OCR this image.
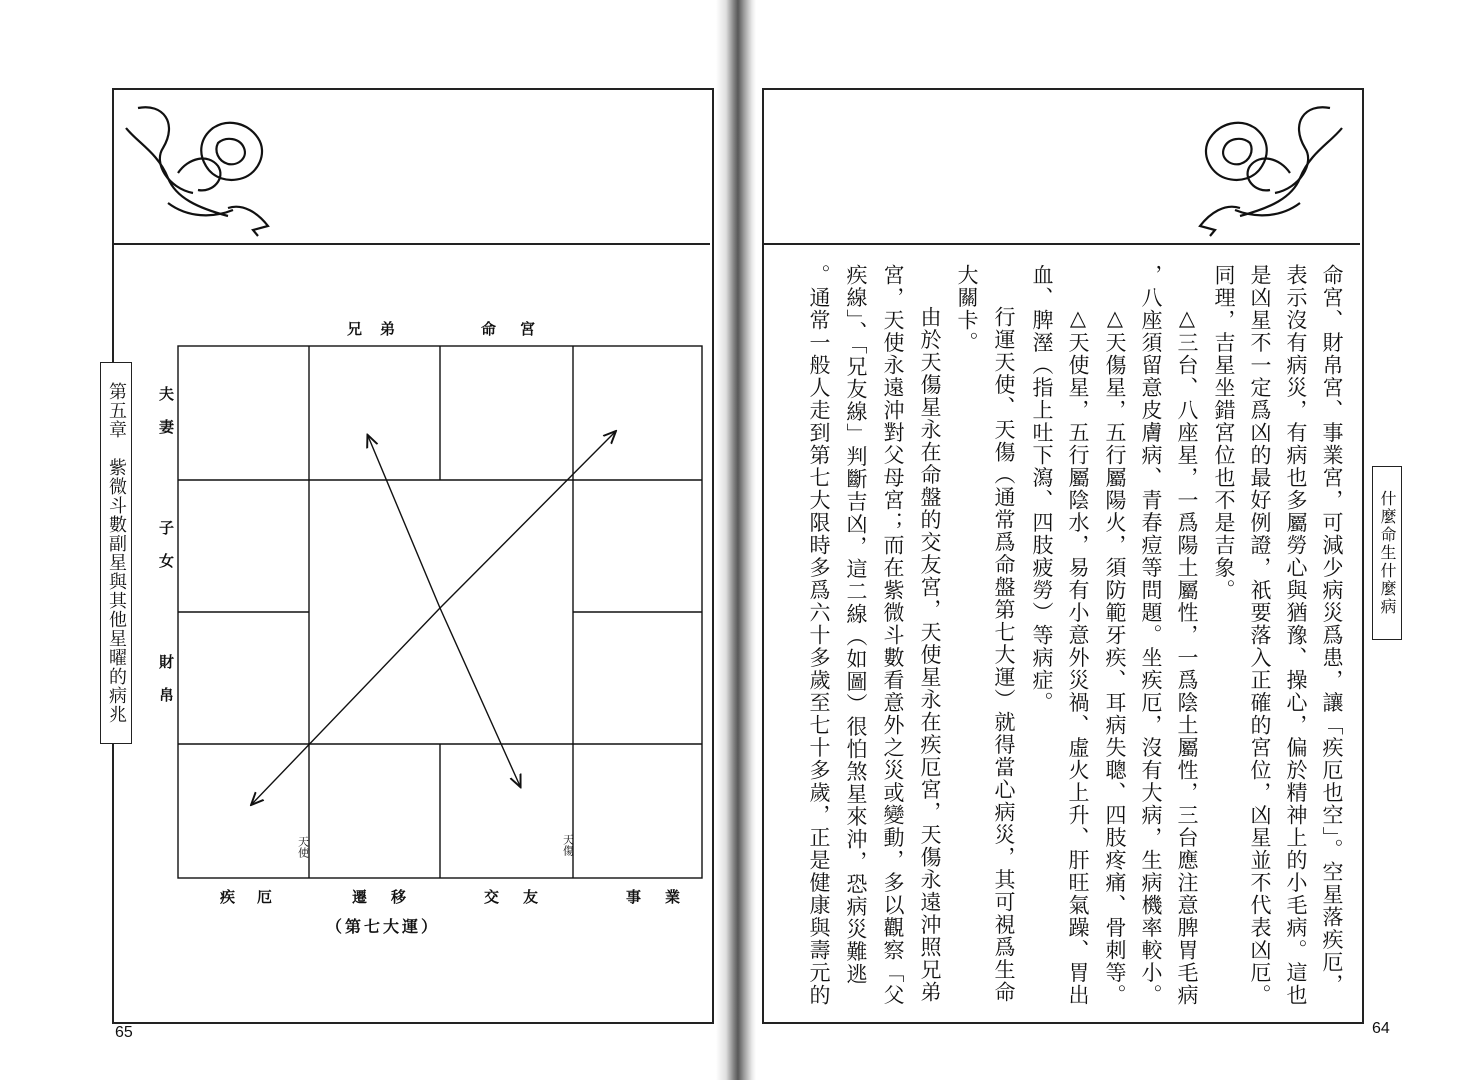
第五章　紫微斗數副星與其他星曜的病兆
兄弟	命宮
夫妻
子女
財帛
疾厄	遷移	交友	事業
天使	天傷
（第七大運）
65
什麼命生什麼病
命宮、財帛宮、事業宮，可減少病災爲患，讓「疾厄也空」。空星落疾厄，
表示沒有病災，有病也多屬勞心與猶豫、操心，偏於精神上的小毛病。這也
是凶星不一定爲凶的最好例證，祇要落入正確的宮位，凶星並不代表凶厄。
同理，吉星坐錯宮位也不是吉象。
△三台、八座星，一爲陽土屬性，一爲陰土屬性，三台應注意脾胃毛病
，八座須留意皮膚病、青春痘等問題。坐疾厄，沒有大病，生病機率較小。
△天傷星，五行屬陽火，須防範牙疾、耳病失聰、四肢疼痛、骨刺等。
△天使星，五行屬陰水，易有小意外災禍、虛火上升、肝旺氣躁、胃出
血、脾溼（指上吐下瀉、四肢疲勞）等病症。
行運天使、天傷（通常爲命盤第七大運）就得當心病災，其可視爲生命
大關卡。
由於天傷星永在命盤的交友宮，天使星永在疾厄宮，天傷永遠沖照兄弟
宮，天使永遠沖對父母宮；而在紫微斗數看意外之災或變動，多以觀察「父
疾線」、「兄友線」判斷吉凶，這二線（如圖）很怕煞星來沖，恐病災難逃
。通常一般人走到第七大限時多爲六十多歲至七十多歲，正是健康與壽元的
64
